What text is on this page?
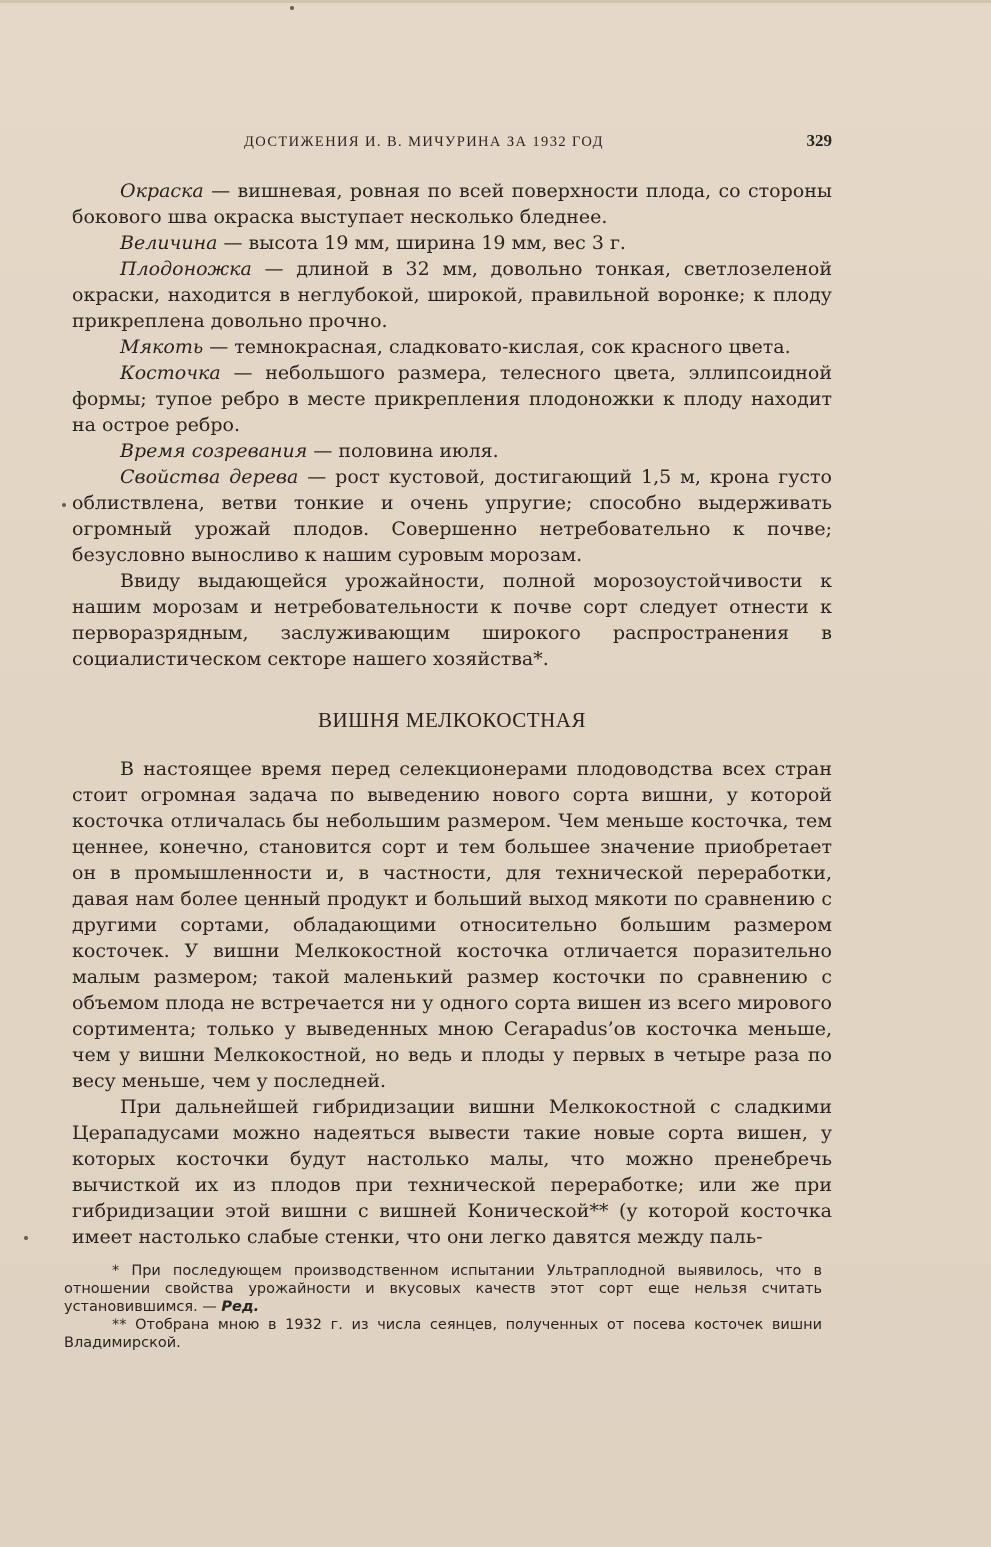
ДОСТИЖЕНИЯ И. В. МИЧУРИНА ЗА 1932 ГОД	329

Окраска — вишневая, ровная по всей поверхности плода, со стороны бокового шва окраска выступает несколько бледнее.

Величина — высота 19 мм, ширина 19 мм, вес 3 г.

Плодоножка — длиной в 32 мм, довольно тонкая, светлозеленой окраски, находится в неглубокой, широкой, правильной воронке; к плоду прикреплена довольно прочно.

Мякоть — темнокрасная, сладковато-кислая, сок красного цвета.

Косточка — небольшого размера, телесного цвета, эллипсоидной формы; тупое ребро в месте прикрепления плодоножки к плоду находит на острое ребро.

Время созревания — половина июля.

Свойства дерева — рост кустовой, достигающий 1,5 м, крона густо облиствлена, ветви тонкие и очень упругие; способно выдерживать огромный урожай плодов. Совершенно нетребовательно к почве; безусловно выносливо к нашим суровым морозам.

Ввиду выдающейся урожайности, полной морозоустойчивости к нашим морозам и нетребовательности к почве сорт следует отнести к перворазрядным, заслуживающим широкого распространения в социалистическом секторе нашего хозяйства*.

ВИШНЯ МЕЛКОКОСТНАЯ

В настоящее время перед селекционерами плодоводства всех стран стоит огромная задача по выведению нового сорта вишни, у которой косточка отличалась бы небольшим размером. Чем меньше косточка, тем ценнее, конечно, становится сорт и тем большее значение приобретает он в промышленности и, в частности, для технической переработки, давая нам более ценный продукт и больший выход мякоти по сравнению с другими сортами, обладающими относительно большим размером косточек. У вишни Мелкокостной косточка отличается поразительно малым размером; такой маленький размер косточки по сравнению с объемом плода не встречается ни у одного сорта вишен из всего мирового сортимента; только у выведенных мною Cerapadus’ов косточка меньше, чем у вишни Мелкокостной, но ведь и плоды у первых в четыре раза по весу меньше, чем у последней.

При дальнейшей гибридизации вишни Мелкокостной с сладкими Церападусами можно надеяться вывести такие новые сорта вишен, у которых косточки будут настолько малы, что можно пренебречь вычисткой их из плодов при технической переработке; или же при гибридизации этой вишни с вишней Конической** (у которой косточка имеет настолько слабые стенки, что они легко давятся между паль-

* При последующем производственном испытании Ультраплодной выявилось, что в отношении свойства урожайности и вкусовых качеств этот сорт еще нельзя считать установившимся. — Ред.

** Отобрана мною в 1932 г. из числа сеянцев, полученных от посева косточек вишни Владимирской.
